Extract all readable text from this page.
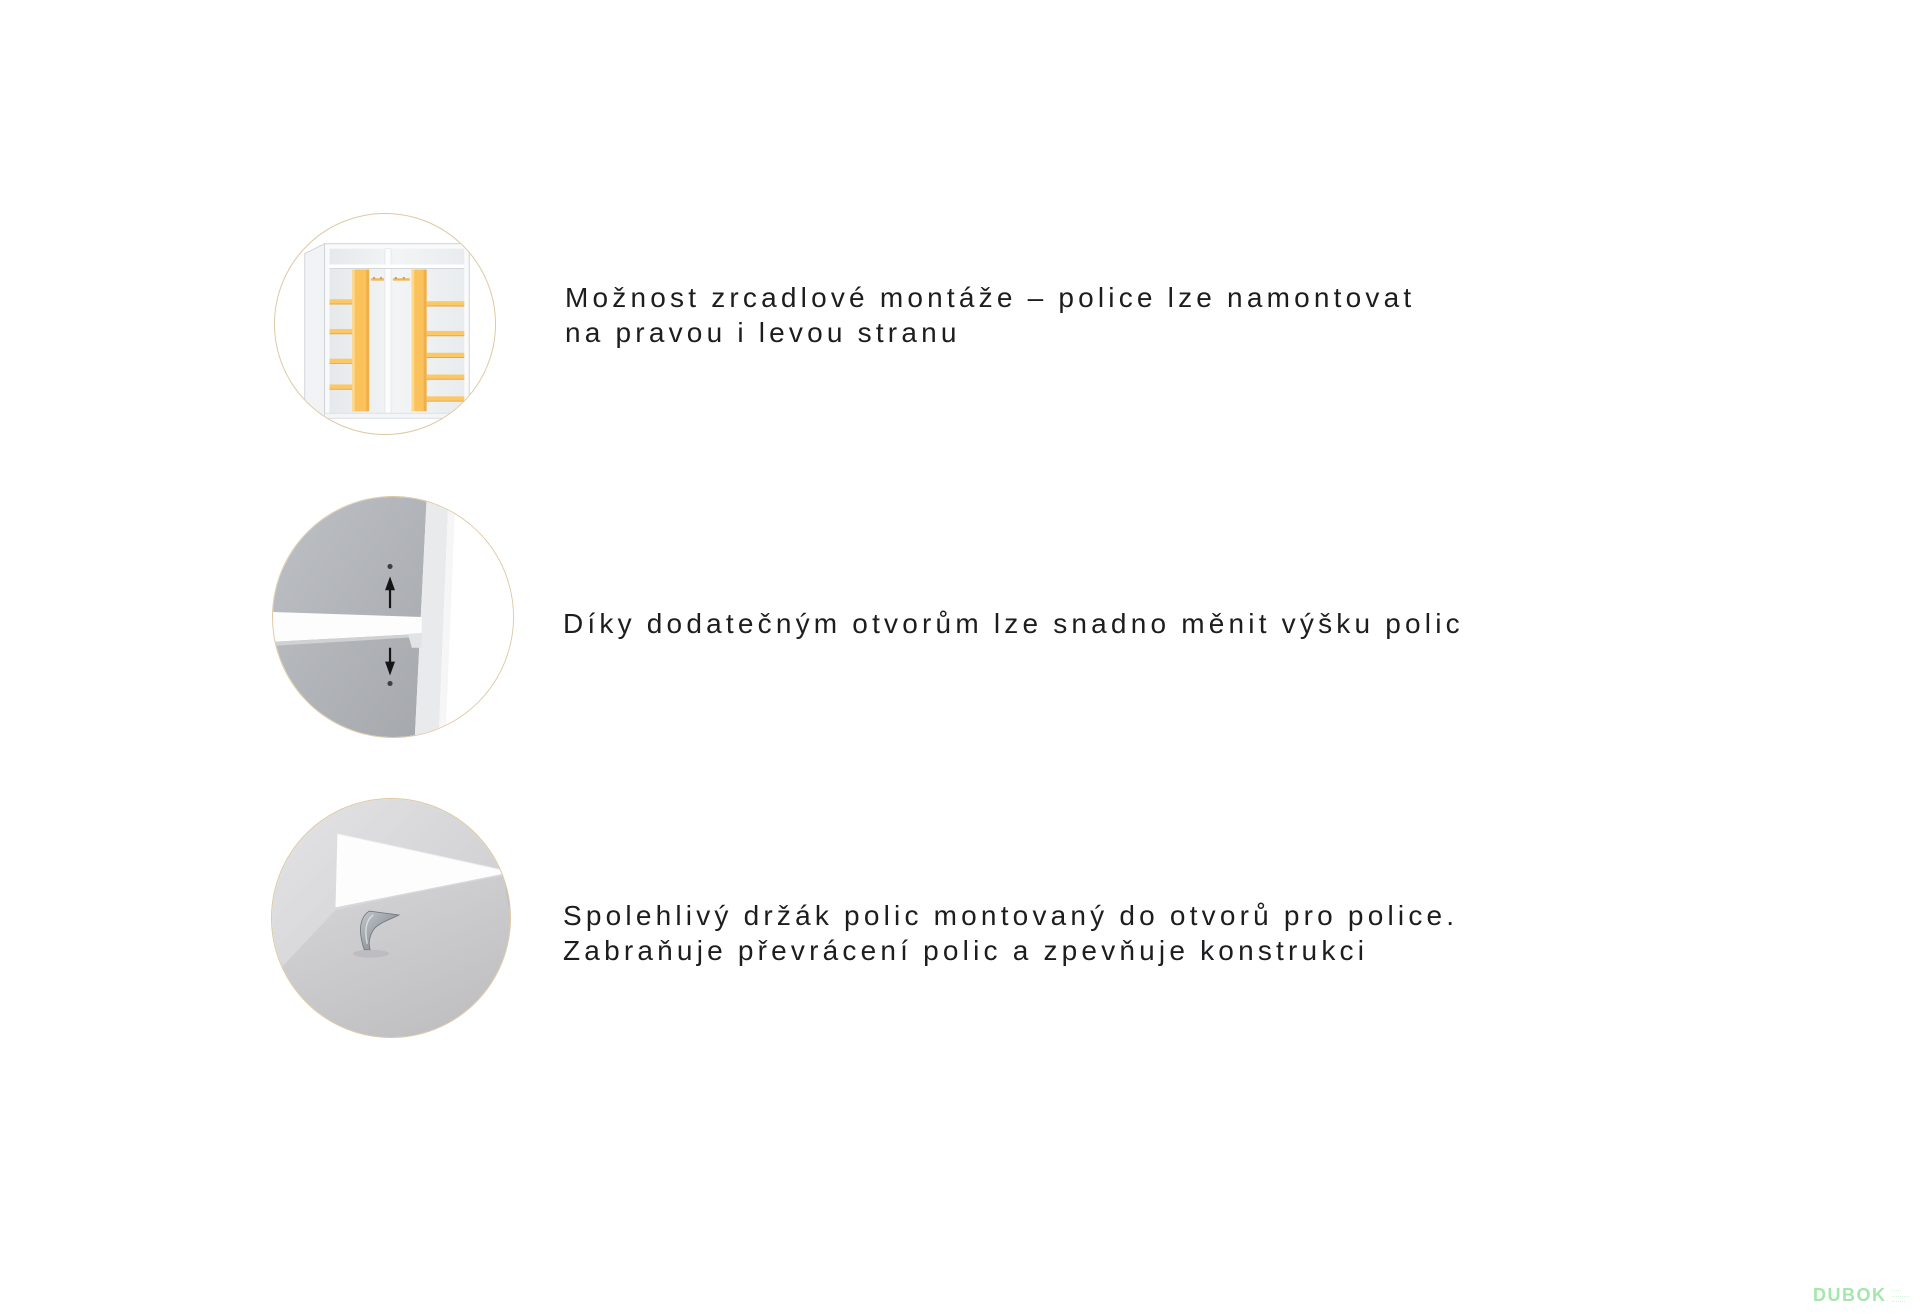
Možnost zrcadlové montáže – police lze namontovat
na pravou i levou stranu
Díky dodatečným otvorům lze snadno měnit výšku polic
Spolehlivý držák polic montovaný do otvorů pro police.
Zabraňuje převrácení polic a zpevňuje konstrukci
DUBOK ·····
·········
·······
